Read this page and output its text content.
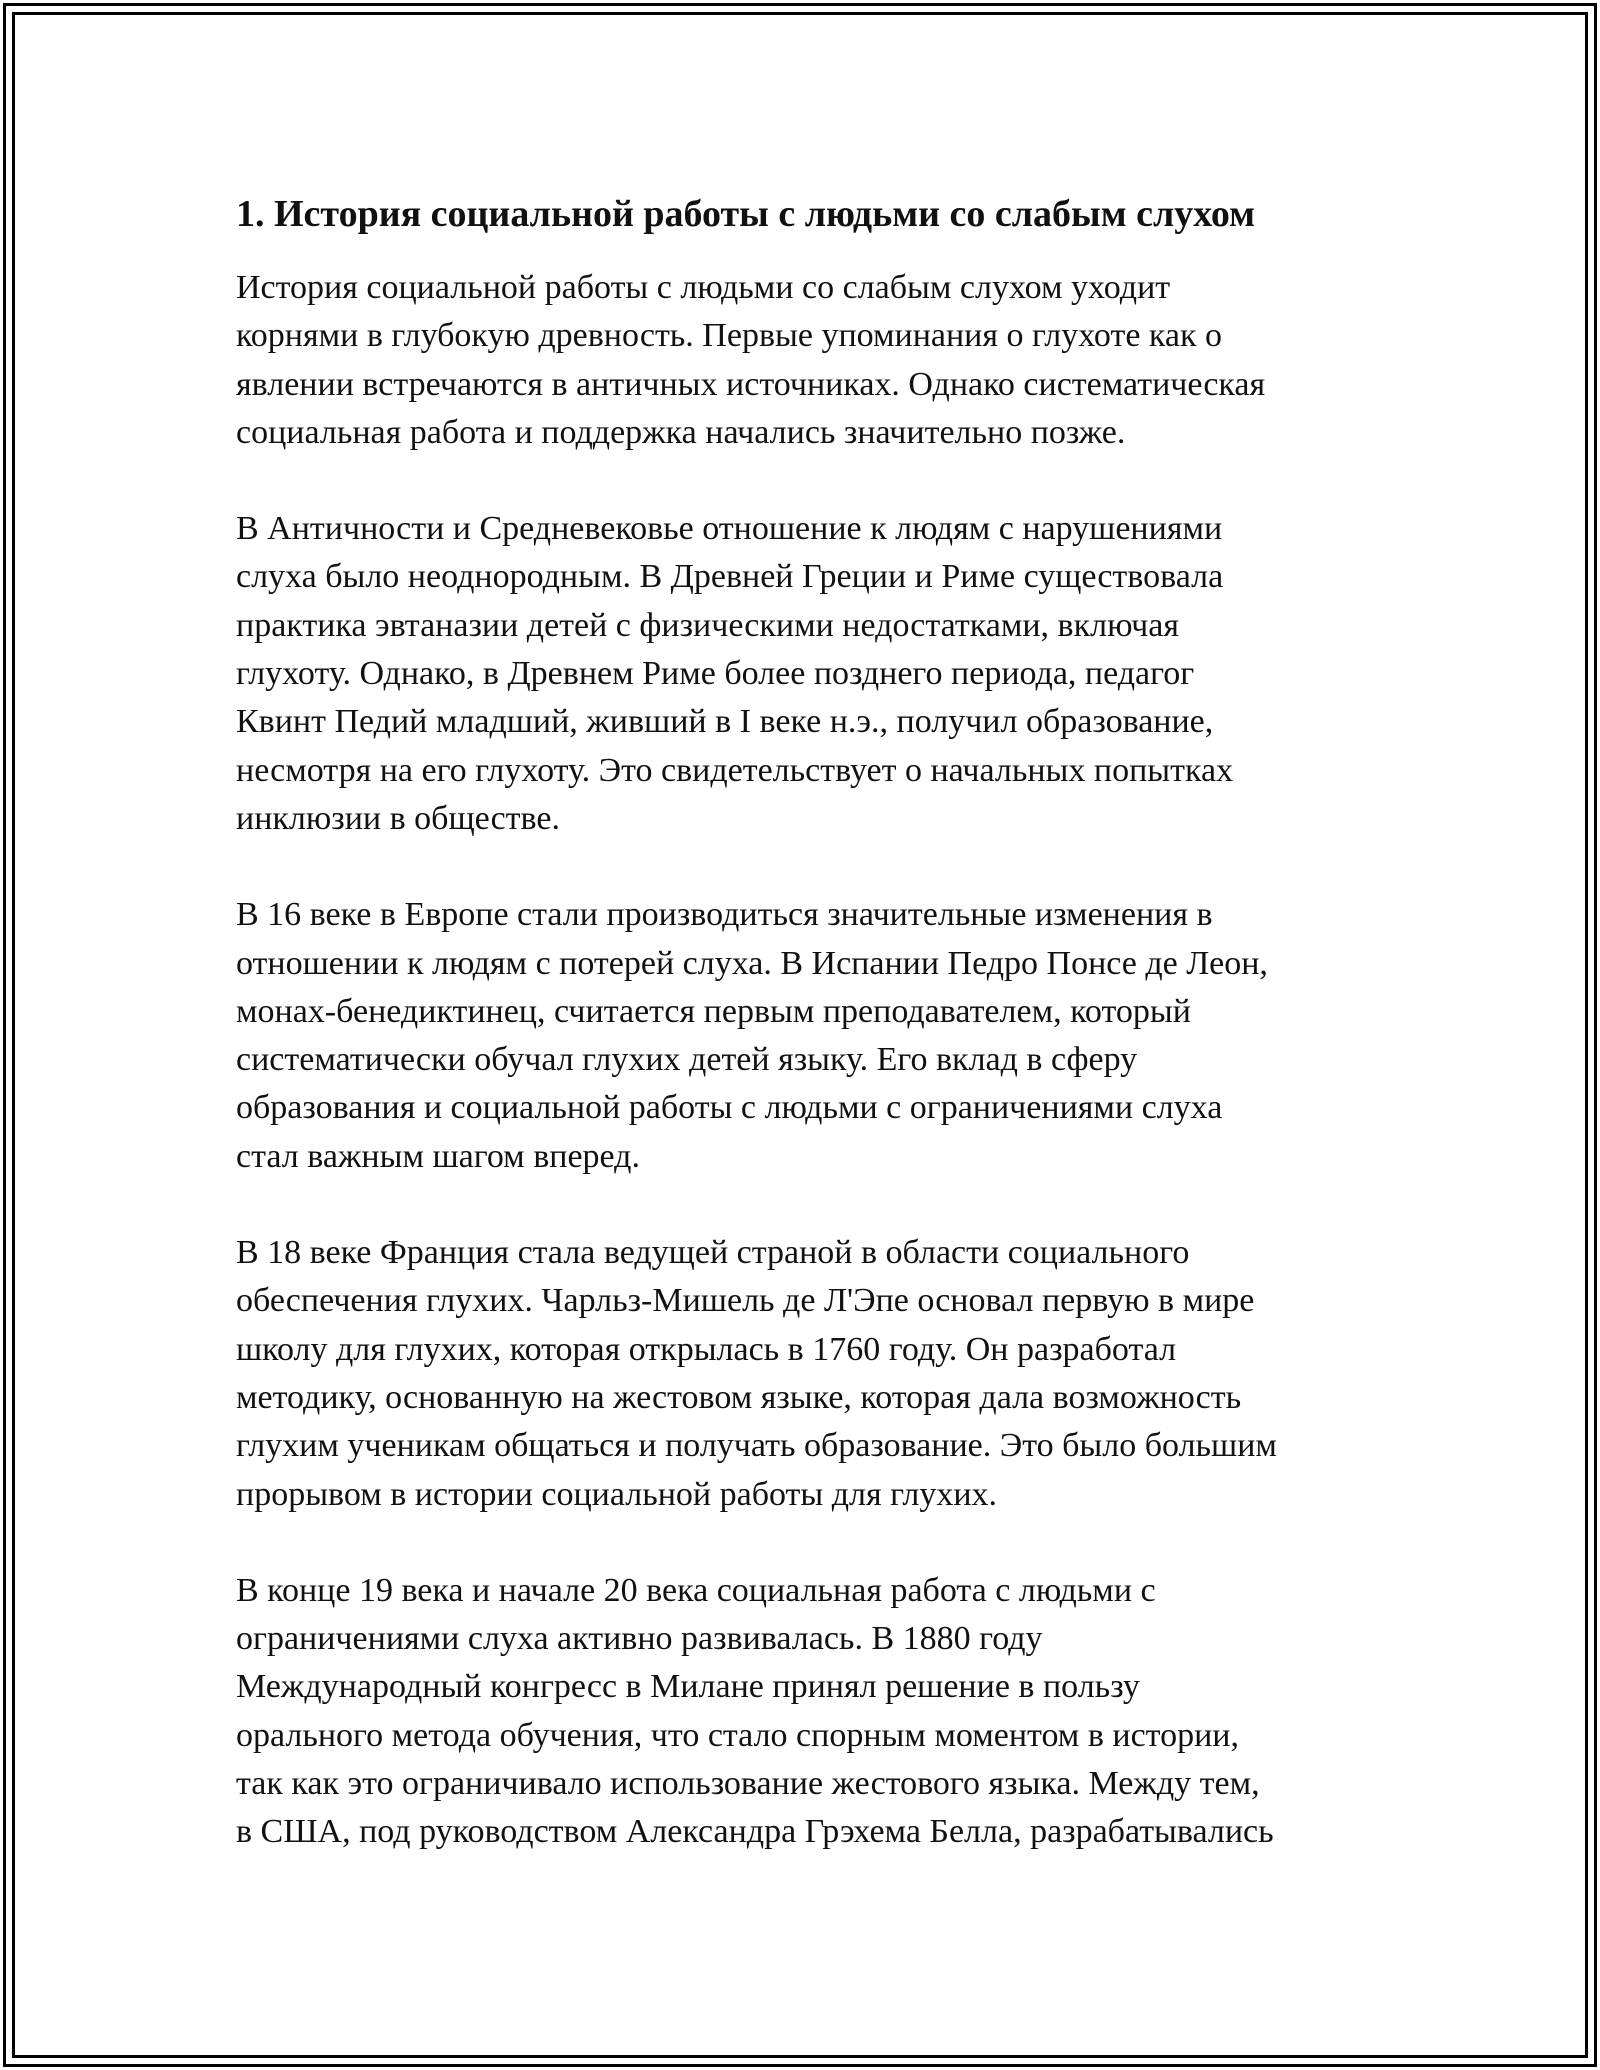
1. История социальной работы с людьми со слабым слухом

История социальной работы с людьми со слабым слухом уходит
корнями в глубокую древность. Первые упоминания о глухоте как о
явлении встречаются в античных источниках. Однако систематическая
социальная работа и поддержка начались значительно позже.

В Античности и Средневековье отношение к людям с нарушениями
слуха было неоднородным. В Древней Греции и Риме существовала
практика эвтаназии детей с физическими недостатками, включая
глухоту. Однако, в Древнем Риме более позднего периода, педагог
Квинт Педий младший, живший в I веке н.э., получил образование,
несмотря на его глухоту. Это свидетельствует о начальных попытках
инклюзии в обществе.

В 16 веке в Европе стали производиться значительные изменения в
отношении к людям с потерей слуха. В Испании Педро Понсе де Леон,
монах-бенедиктинец, считается первым преподавателем, который
систематически обучал глухих детей языку. Его вклад в сферу
образования и социальной работы с людьми с ограничениями слуха
стал важным шагом вперед.

В 18 веке Франция стала ведущей страной в области социального
обеспечения глухих. Чарльз-Мишель де Л'Эпе основал первую в мире
школу для глухих, которая открылась в 1760 году. Он разработал
методику, основанную на жестовом языке, которая дала возможность
глухим ученикам общаться и получать образование. Это было большим
прорывом в истории социальной работы для глухих.

В конце 19 века и начале 20 века социальная работа с людьми с
ограничениями слуха активно развивалась. В 1880 году
Международный конгресс в Милане принял решение в пользу
орального метода обучения, что стало спорным моментом в истории,
так как это ограничивало использование жестового языка. Между тем,
в США, под руководством Александра Грэхема Белла, разрабатывались
